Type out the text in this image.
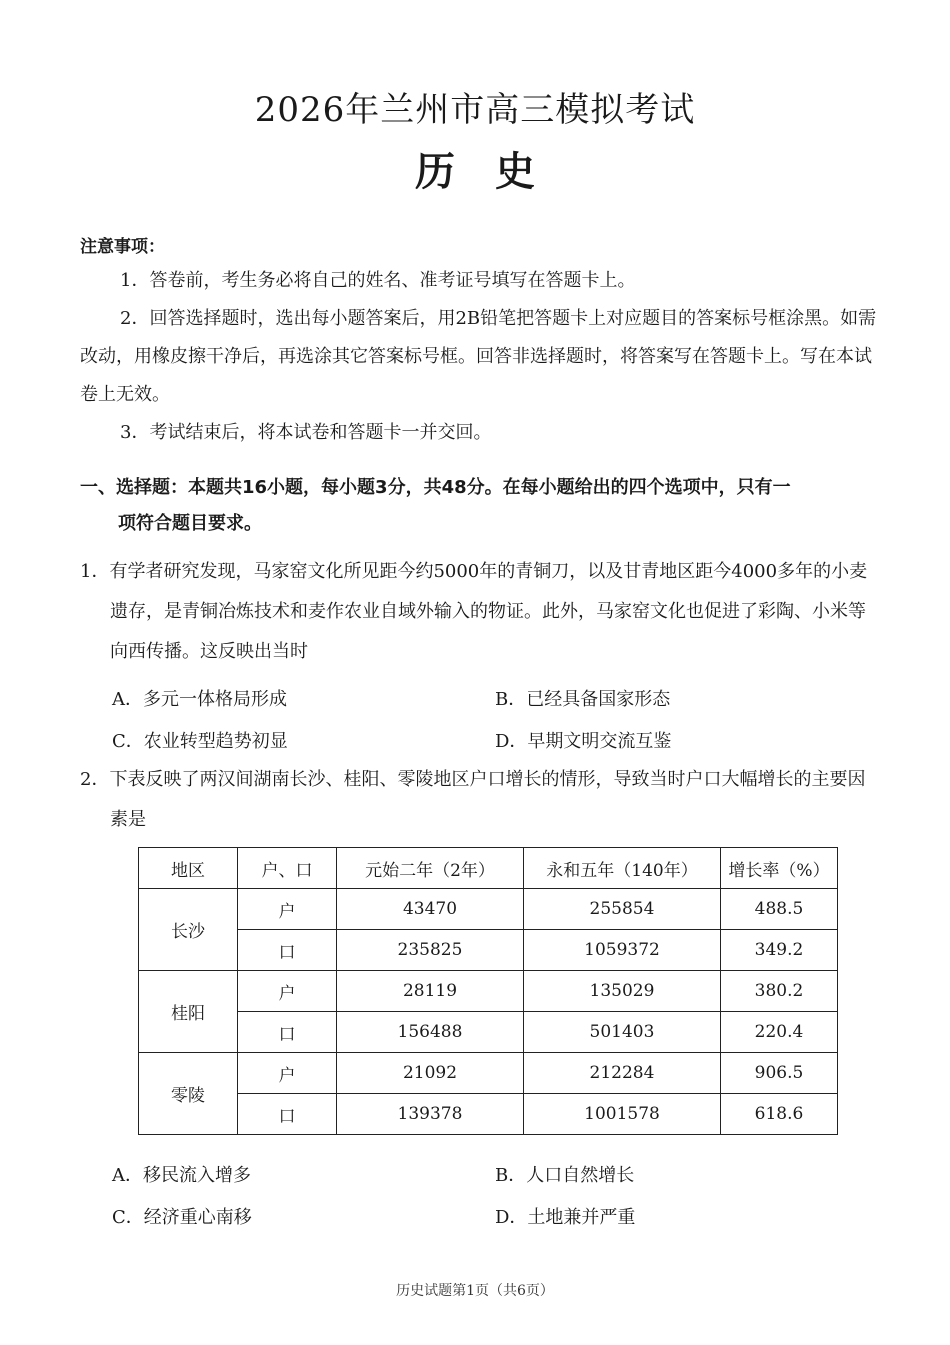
2026年兰州市高三模拟考试
历史
注意事项：
1．答卷前，考生务必将自己的姓名、准考证号填写在答题卡上。
2．回答选择题时，选出每小题答案后，用2B铅笔把答题卡上对应题目的答案标号框涂黑。如需改动，用橡皮擦干净后，再选涂其它答案标号框。回答非选择题时，将答案写在答题卡上。写在本试卷上无效。
3．考试结束后，将本试卷和答题卡一并交回。
一、选择题：本题共16小题，每小题3分，共48分。在每小题给出的四个选项中，只有一
项符合题目要求。
1．有学者研究发现，马家窑文化所见距今约5000年的青铜刀，以及甘青地区距今4000多年的小麦遗存，是青铜冶炼技术和麦作农业自域外输入的物证。此外，马家窑文化也促进了彩陶、小米等向西传播。这反映出当时
A．多元一体格局形成	B．已经具备国家形态
C．农业转型趋势初显	D．早期文明交流互鉴
2．下表反映了两汉间湖南长沙、桂阳、零陵地区户口增长的情形，导致当时户口大幅增长的主要因素是
地区	户、口	元始二年（2年）	永和五年（140年）	增长率（%）
长沙	户	43470	255854	488.5
	口	235825	1059372	349.2
桂阳	户	28119	135029	380.2
	口	156488	501403	220.4
零陵	户	21092	212284	906.5
	口	139378	1001578	618.6
A．移民流入增多	B．人口自然增长
C．经济重心南移	D．土地兼并严重
历史试题第1页（共6页）
